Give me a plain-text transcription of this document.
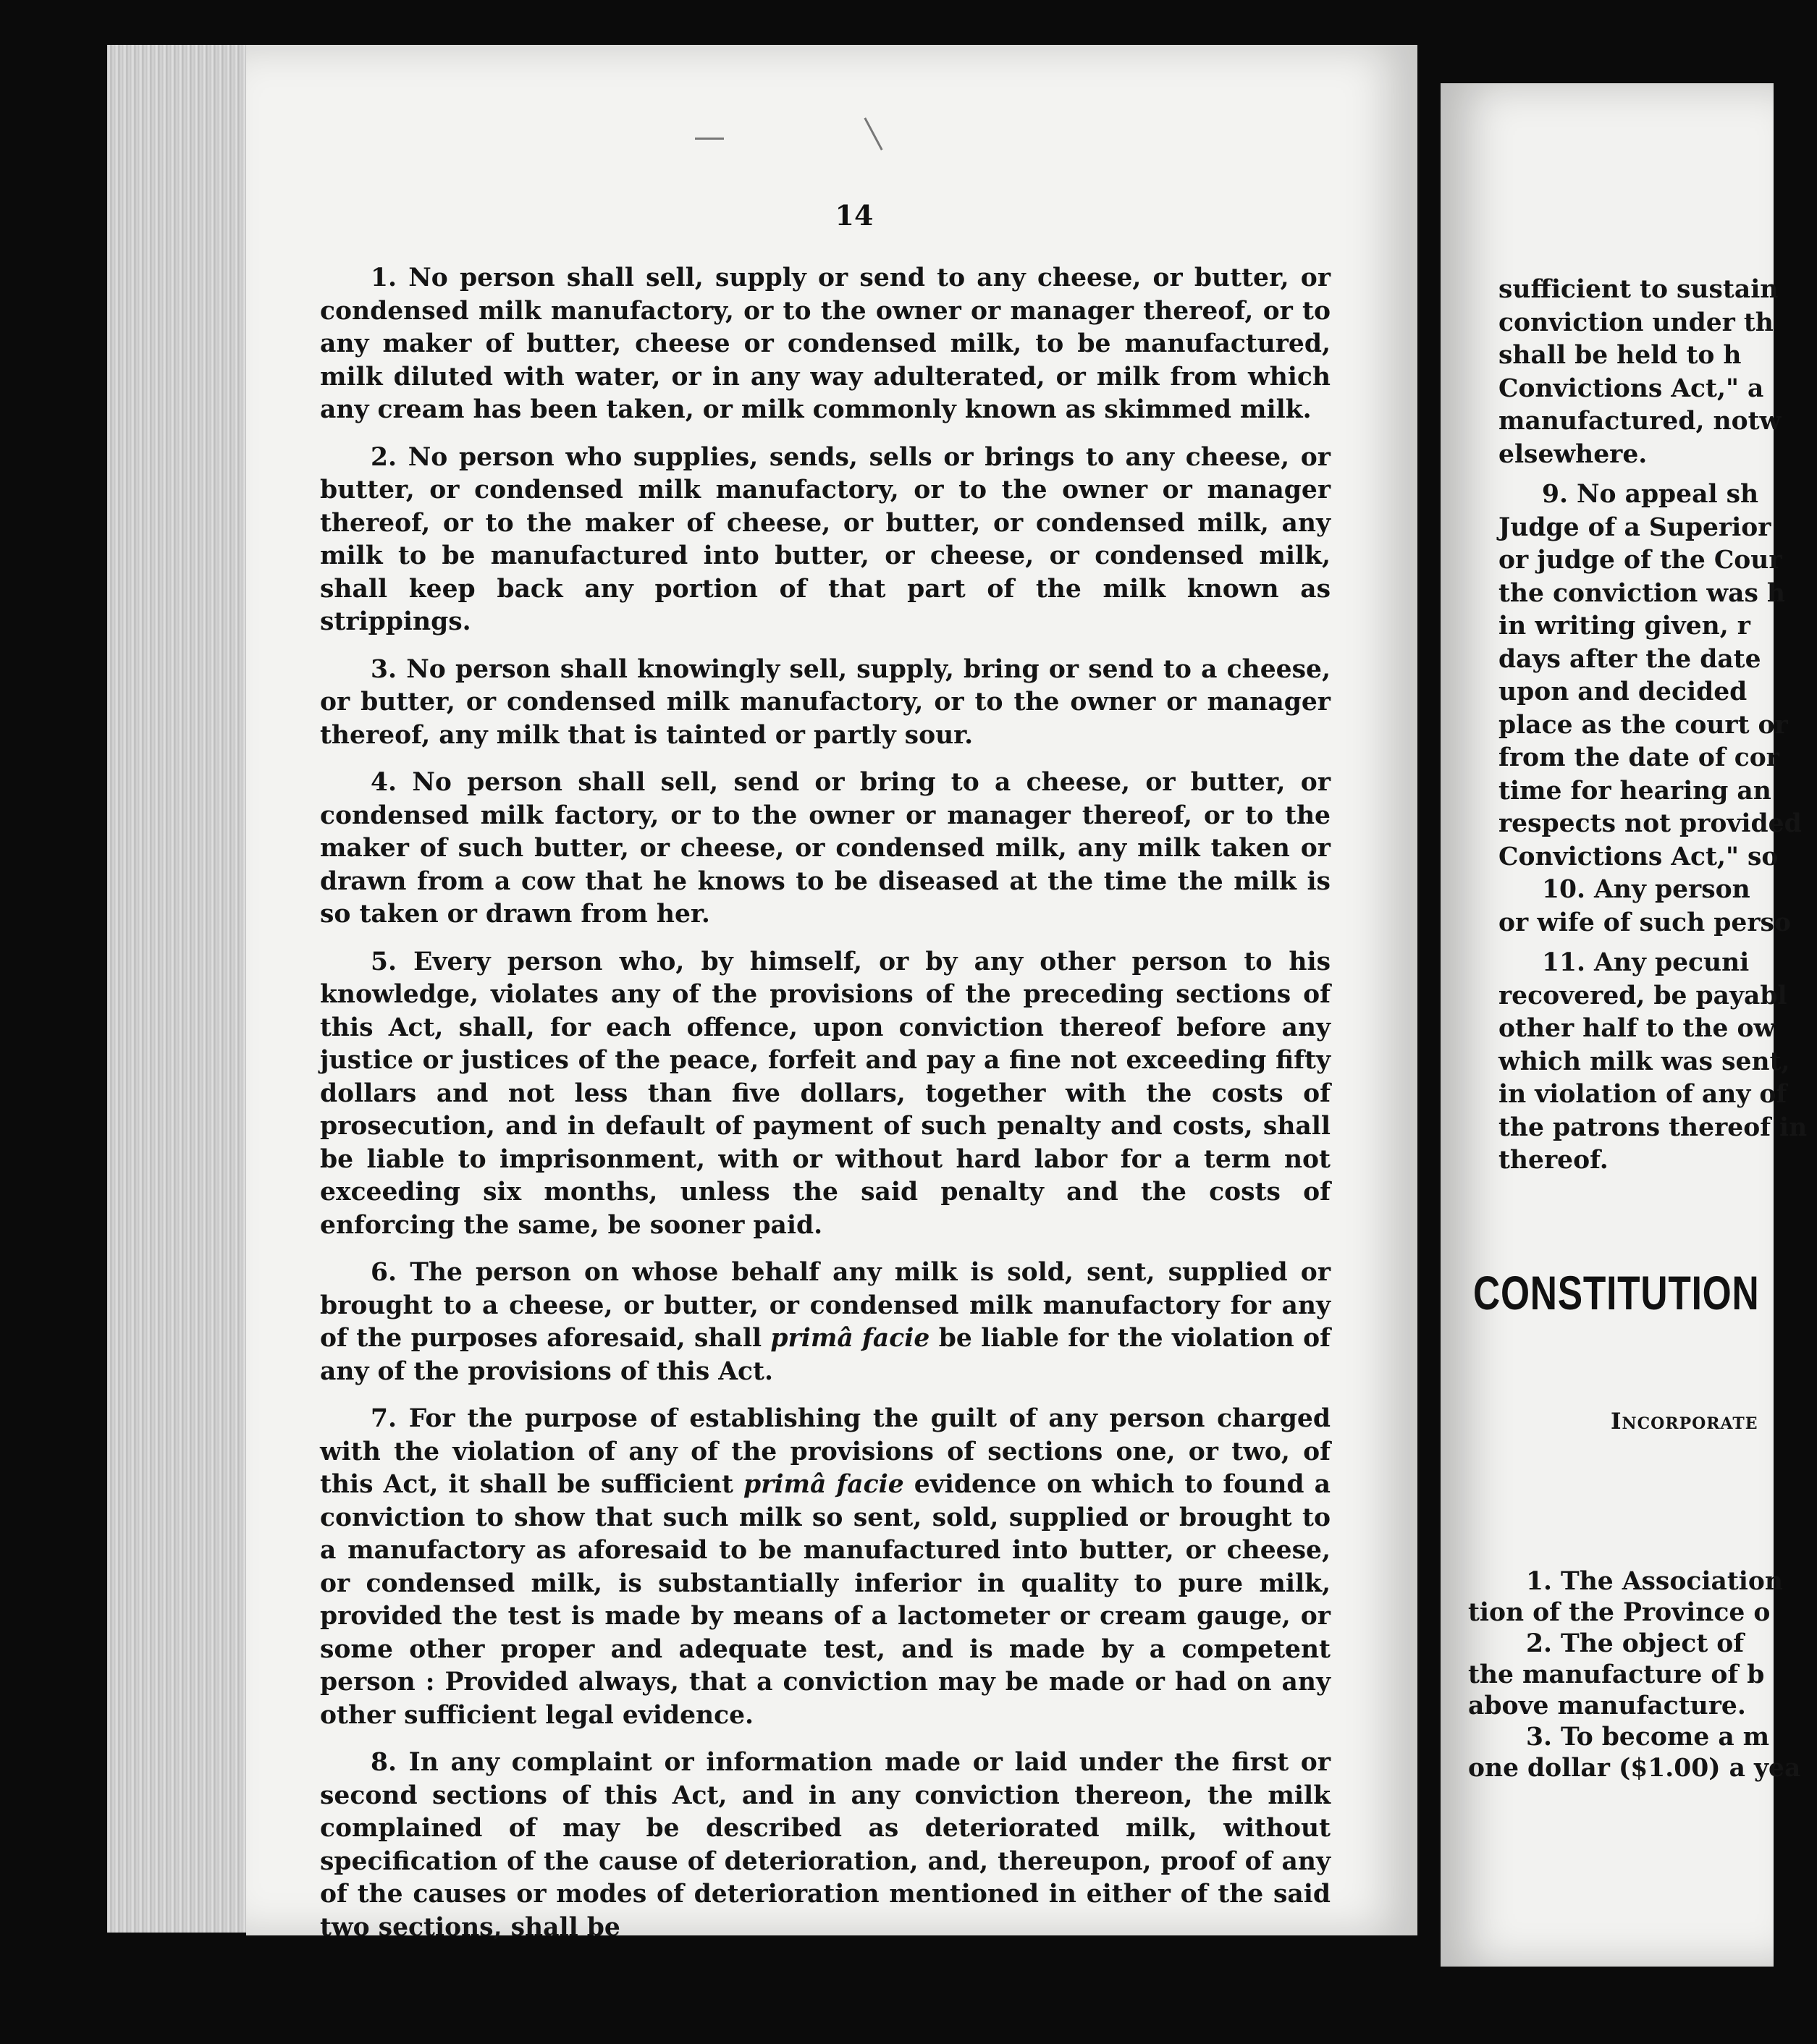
14

1. No person shall sell, supply or send to any cheese, or butter, or condensed milk manufactory, or to the owner or manager thereof, or to any maker of butter, cheese or condensed milk, to be manufactured, milk diluted with water, or in any way adulterated, or milk from which any cream has been taken, or milk commonly known as skimmed milk.

2. No person who supplies, sends, sells or brings to any cheese, or butter, or condensed milk manufactory, or to the owner or manager thereof, or to the maker of cheese, or butter, or condensed milk, any milk to be manufactured into butter, or cheese, or condensed milk, shall keep back any portion of that part of the milk known as strippings.

3. No person shall knowingly sell, supply, bring or send to a cheese, or butter, or condensed milk manufactory, or to the owner or manager thereof, any milk that is tainted or partly sour.

4. No person shall sell, send or bring to a cheese, or butter, or condensed milk factory, or to the owner or manager thereof, or to the maker of such butter, or cheese, or condensed milk, any milk taken or drawn from a cow that he knows to be diseased at the time the milk is so taken or drawn from her.

5. Every person who, by himself, or by any other person to his knowledge, violates any of the provisions of the preceding sections of this Act, shall, for each offence, upon conviction thereof before any justice or justices of the peace, forfeit and pay a fine not exceeding fifty dollars and not less than five dollars, together with the costs of prosecution, and in default of payment of such penalty and costs, shall be liable to imprisonment, with or without hard labor for a term not exceeding six months, unless the said penalty and the costs of enforcing the same, be sooner paid.

6. The person on whose behalf any milk is sold, sent, supplied or brought to a cheese, or butter, or condensed milk manufactory for any of the purposes aforesaid, shall primâ facie be liable for the violation of any of the provisions of this Act.

7. For the purpose of establishing the guilt of any person charged with the violation of any of the provisions of sections one, or two, of this Act, it shall be sufficient primâ facie evidence on which to found a conviction to show that such milk so sent, sold, supplied or brought to a manufactory as aforesaid to be manufactured into butter, or cheese, or condensed milk, is substantially inferior in quality to pure milk, provided the test is made by means of a lactometer or cream gauge, or some other proper and adequate test, and is made by a competent person : Provided always, that a conviction may be made or had on any other sufficient legal evidence.

8. In any complaint or information made or laid under the first or second sections of this Act, and in any conviction thereon, the milk complained of may be described as deteriorated milk, without specification of the cause of deterioration, and, thereupon, proof of any of the causes or modes of deterioration mentioned in either of the said two sections, shall be

sufficient to sustain
conviction under th
shall be held to h
Convictions Act," a
manufactured, notw
elsewhere.
9. No appeal sh
Judge of a Superior
or judge of the Cour
the conviction was h
in writing given, r
days after the date
upon and decided
place as the court or
from the date of cor
time for hearing an
respects not provided
Convictions Act," so
10. Any person
or wife of such perso
11. Any pecuni
recovered, be payabl
other half to the ow
which milk was sent,
in violation of any of
the patrons thereof in
thereof.
CONSTITUTION
Incorporate
1. The Association
tion of the Province o
2. The object of
the manufacture of b
above manufacture.
3. To become a m
one dollar ($1.00) a yea
